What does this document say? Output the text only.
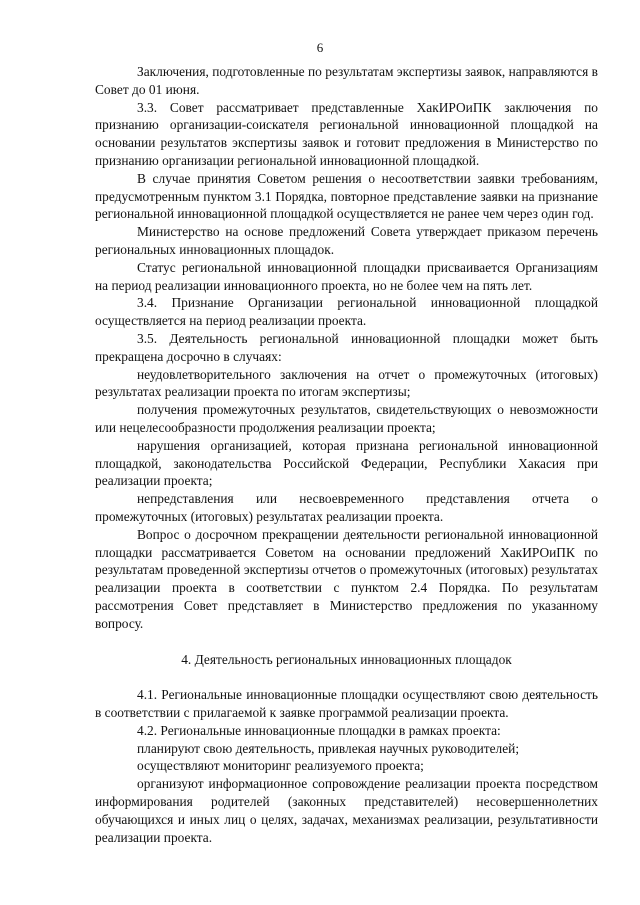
6

Заключения, подготовленные по результатам экспертизы заявок, направляются в Совет до 01 июня.

3.3. Совет рассматривает представленные ХакИРОиПК заключения по признанию организации-соискателя региональной инновационной площадкой на основании результатов экспертизы заявок и готовит предложения в Министерство по признанию организации региональной инновационной площадкой.

В случае принятия Советом решения о несоответствии заявки требованиям, предусмотренным пунктом 3.1 Порядка, повторное представление заявки на признание региональной инновационной площадкой осуществляется не ранее чем через один год.

Министерство на основе предложений Совета утверждает приказом перечень региональных инновационных площадок.

Статус региональной инновационной площадки присваивается Организациям на период реализации инновационного проекта, но не более чем на пять лет.

3.4. Признание Организации региональной инновационной площадкой осуществляется на период реализации проекта.

3.5. Деятельность региональной инновационной площадки может быть прекращена досрочно в случаях:

неудовлетворительного заключения на отчет о промежуточных (итоговых) результатах реализации проекта по итогам экспертизы;

получения промежуточных результатов, свидетельствующих о невозможности или нецелесообразности продолжения реализации проекта;

нарушения организацией, которая признана региональной инновационной площадкой, законодательства Российской Федерации, Республики Хакасия при реализации проекта;

непредставления или несвоевременного представления отчета о промежуточных (итоговых) результатах реализации проекта.

Вопрос о досрочном прекращении деятельности региональной инновационной площадки рассматривается Советом на основании предложений ХакИРОиПК по результатам проведенной экспертизы отчетов о промежуточных (итоговых) результатах реализации проекта в соответствии с пунктом 2.4 Порядка. По результатам рассмотрения Совет представляет в Министерство предложения по указанному вопросу.

4. Деятельность региональных инновационных площадок

4.1. Региональные инновационные площадки осуществляют свою деятельность в соответствии с прилагаемой к заявке программой реализации проекта.

4.2. Региональные инновационные площадки в рамках проекта:

планируют свою деятельность, привлекая научных руководителей;

осуществляют мониторинг реализуемого проекта;

организуют информационное сопровождение реализации проекта посредством информирования родителей (законных представителей) несовершеннолетних обучающихся и иных лиц о целях, задачах, механизмах реализации, результативности реализации проекта.
